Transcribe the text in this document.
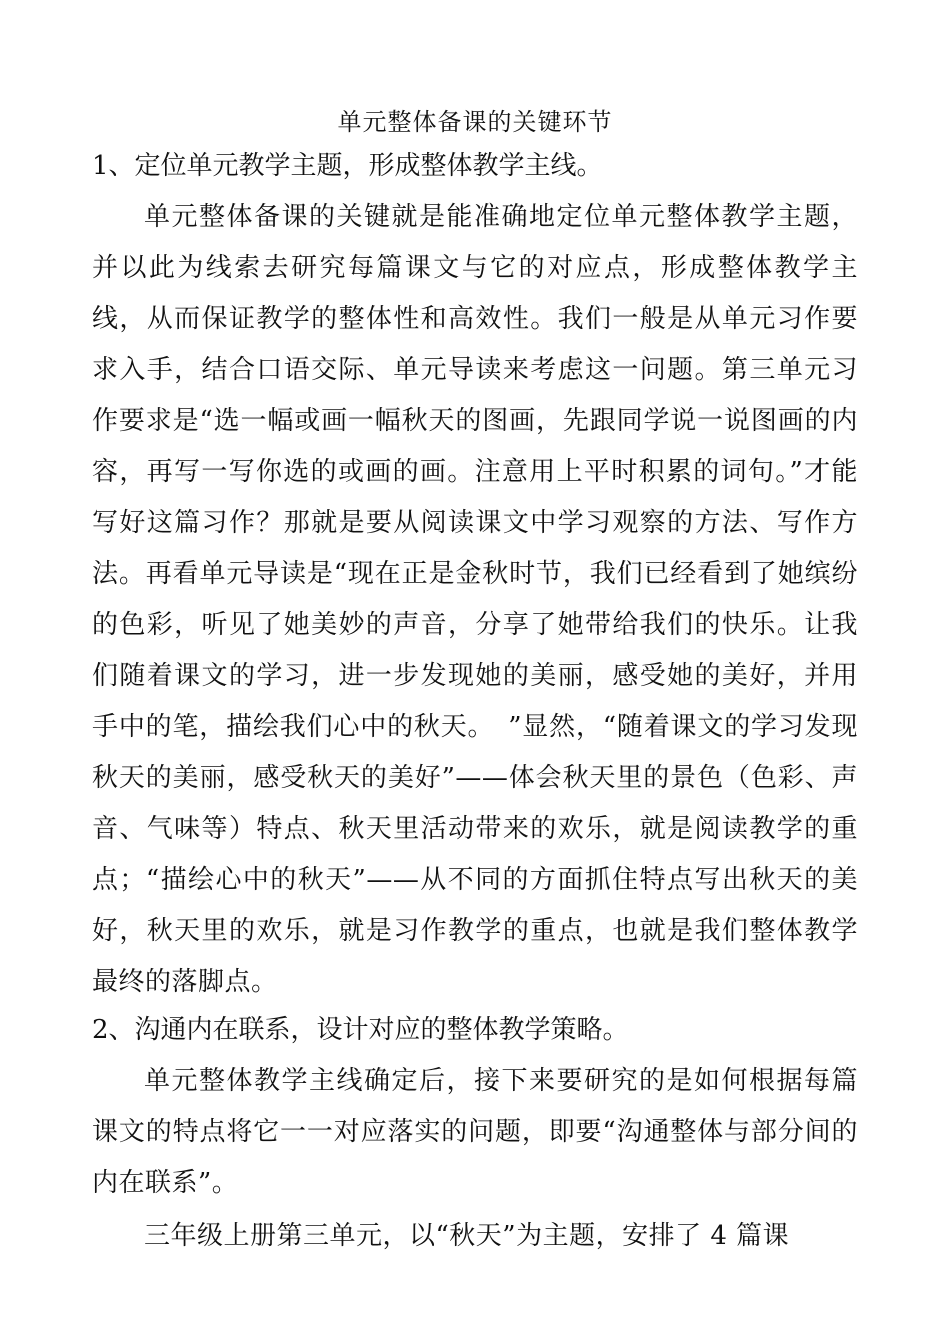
单元整体备课的关键环节
1、定位单元教学主题，形成整体教学主线。

单元整体备课的关键就是能准确地定位单元整体教学主题，并以此为线索去研究每篇课文与它的对应点，形成整体教学主线，从而保证教学的整体性和高效性。我们一般是从单元习作要求入手，结合口语交际、单元导读来考虑这一问题。第三单元习作要求是“选一幅或画一幅秋天的图画，先跟同学说一说图画的内容，再写一写你选的或画的画。注意用上平时积累的词句。”才能写好这篇习作？那就是要从阅读课文中学习观察的方法、写作方法。再看单元导读是“现在正是金秋时节，我们已经看到了她缤纷的色彩，听见了她美妙的声音，分享了她带给我们的快乐。让我们随着课文的学习，进一步发现她的美丽，感受她的美好，并用手中的笔，描绘我们心中的秋天。　”显然，“随着课文的学习发现秋天的美丽，感受秋天的美好”——体会秋天里的景色（色彩、声音、气味等）特点、秋天里活动带来的欢乐，就是阅读教学的重点；“描绘心中的秋天”——从不同的方面抓住特点写出秋天的美好，秋天里的欢乐，就是习作教学的重点，也就是我们整体教学最终的落脚点。

2、沟通内在联系，设计对应的整体教学策略。

单元整体教学主线确定后，接下来要研究的是如何根据每篇课文的特点将它一一对应落实的问题，即要“沟通整体与部分间的内在联系”。

三年级上册第三单元，以“秋天”为主题，安排了 4 篇课
